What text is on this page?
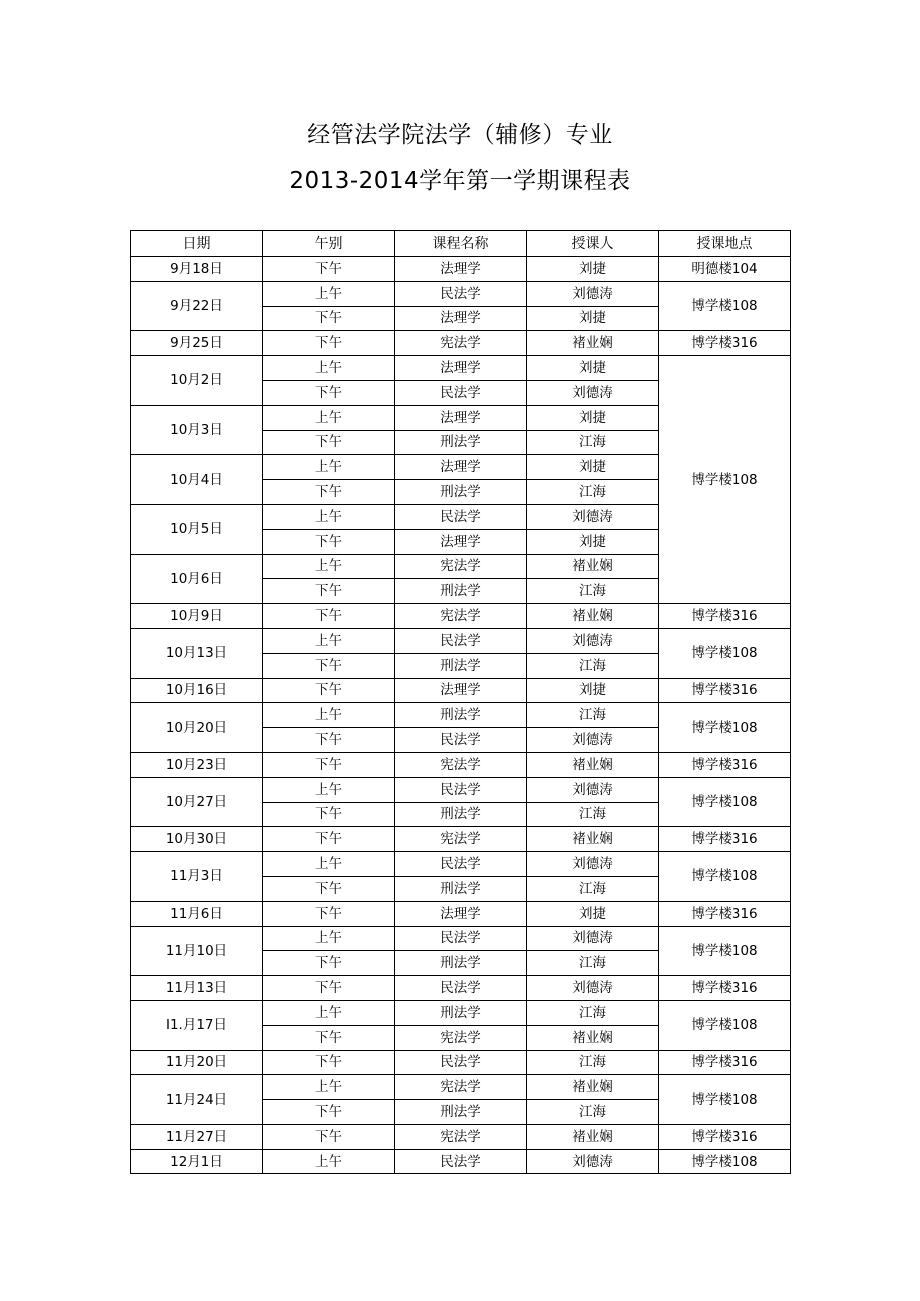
经管法学院法学（辅修）专业
2013-2014学年第一学期课程表
日期	午别	课程名称	授课人	授课地点
9月18日	下午	法理学	刘捷	明德楼104
9月22日	上午	民法学	刘德涛	博学楼108
	下午	法理学	刘捷	
9月25日	下午	宪法学	褚业娴	博学楼316
10月2日	上午	法理学	刘捷	博学楼108
	下午	民法学	刘德涛	
10月3日	上午	法理学	刘捷	
	下午	刑法学	江海	
10月4日	上午	法理学	刘捷	
	下午	刑法学	江海	
10月5日	上午	民法学	刘德涛	
	下午	法理学	刘捷	
10月6日	上午	宪法学	褚业娴	
	下午	刑法学	江海	
10月9日	下午	宪法学	褚业娴	博学楼316
10月13日	上午	民法学	刘德涛	博学楼108
	下午	刑法学	江海	
10月16日	下午	法理学	刘捷	博学楼316
10月20日	上午	刑法学	江海	博学楼108
	下午	民法学	刘德涛	
10月23日	下午	宪法学	褚业娴	博学楼316
10月27日	上午	民法学	刘德涛	博学楼108
	下午	刑法学	江海	
10月30日	下午	宪法学	褚业娴	博学楼316
11月3日	上午	民法学	刘德涛	博学楼108
	下午	刑法学	江海	
11月6日	下午	法理学	刘捷	博学楼316
11月10日	上午	民法学	刘德涛	博学楼108
	下午	刑法学	江海	
11月13日	下午	民法学	刘德涛	博学楼316
I1.月17日	上午	刑法学	江海	博学楼108
	下午	宪法学	褚业娴	
11月20日	下午	民法学	江海	博学楼316
11月24日	上午	宪法学	褚业娴	博学楼108
	下午	刑法学	江海	
11月27日	下午	宪法学	褚业娴	博学楼316
12月1日	上午	民法学	刘德涛	博学楼108
